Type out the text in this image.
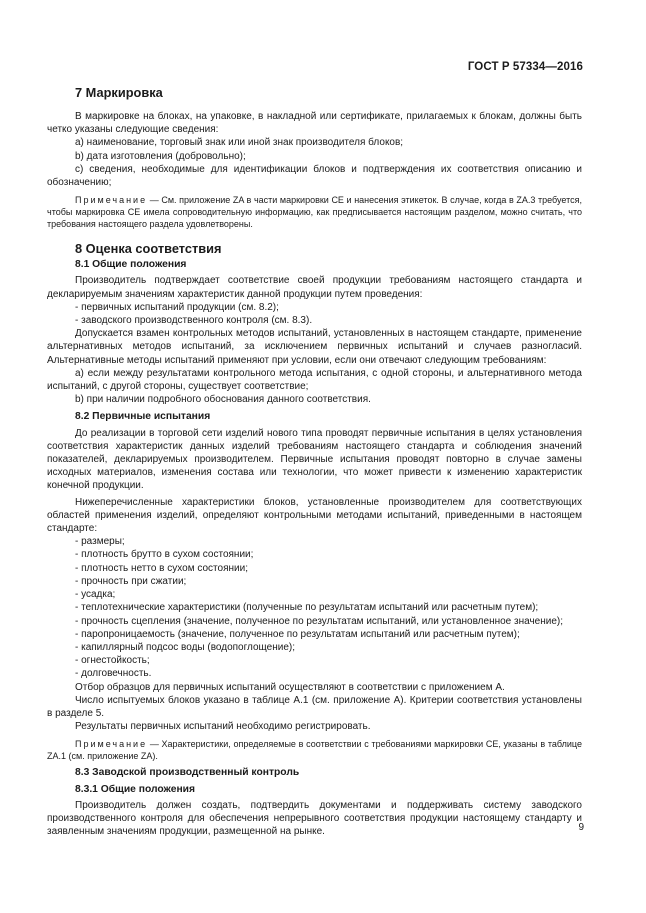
ГОСТ Р 57334—2016
7 Маркировка

В маркировке на блоках, на упаковке, в накладной или сертификате, прилагаемых к блокам, должны быть четко указаны следующие сведения:

а) наименование, торговый знак или иной знак производителя блоков;

b) дата изготовления (добровольно);

с) сведения, необходимые для идентификации блоков и подтверждения их соответствия описанию и обозначению;

Примечание — См. приложение ZA в части маркировки СЕ и нанесения этикеток. В случае, когда в ZA.3 требуется, чтобы маркировка СЕ имела сопроводительную информацию, как предписывается настоящим разделом, можно считать, что требования настоящего раздела удовлетворены.

8 Оценка соответствия
8.1 Общие положения

Производитель подтверждает соответствие своей продукции требованиям настоящего стандарта и декларируемым значениям характеристик данной продукции путем проведения:

- первичных испытаний продукции (см. 8.2);

- заводского производственного контроля (см. 8.3).

Допускается взамен контрольных методов испытаний, установленных в настоящем стандарте, применение альтернативных методов испытаний, за исключением первичных испытаний и случаев разногласий. Альтернативные методы испытаний применяют при условии, если они отвечают следующим требованиям:

а) если между результатами контрольного метода испытания, с одной стороны, и альтернативного метода испытаний, с другой стороны, существует соответствие;

b) при наличии подробного обоснования данного соответствия.

8.2 Первичные испытания

До реализации в торговой сети изделий нового типа проводят первичные испытания в целях установления соответствия характеристик данных изделий требованиям настоящего стандарта и соблюдения значений показателей, декларируемых производителем. Первичные испытания проводят повторно в случае замены исходных материалов, изменения состава или технологии, что может привести к изменению характеристик конечной продукции.

Нижеперечисленные характеристики блоков, установленные производителем для соответствующих областей применения изделий, определяют контрольными методами испытаний, приведенными в настоящем стандарте:

- размеры;

- плотность брутто в сухом состоянии;

- плотность нетто в сухом состоянии;

- прочность при сжатии;

- усадка;

- теплотехнические характеристики (полученные по результатам испытаний или расчетным путем);

- прочность сцепления (значение, полученное по результатам испытаний, или установленное значение);

- паропроницаемость (значение, полученное по результатам испытаний или расчетным путем);

- капиллярный подсос воды (водопоглощение);

- огнестойкость;

- долговечность.

Отбор образцов для первичных испытаний осуществляют в соответствии с приложением А.

Число испытуемых блоков указано в таблице А.1 (см. приложение А). Критерии соответствия установлены в разделе 5.

Результаты первичных испытаний необходимо регистрировать.

Примечание — Характеристики, определяемые в соответствии с требованиями маркировки СЕ, указаны в таблице ZA.1 (см. приложение ZA).

8.3 Заводской производственный контроль
8.3.1 Общие положения

Производитель должен создать, подтвердить документами и поддерживать систему заводского производственного контроля для обеспечения непрерывного соответствия продукции настоящему стандарту и заявленным значениям продукции, размещенной на рынке.	9
